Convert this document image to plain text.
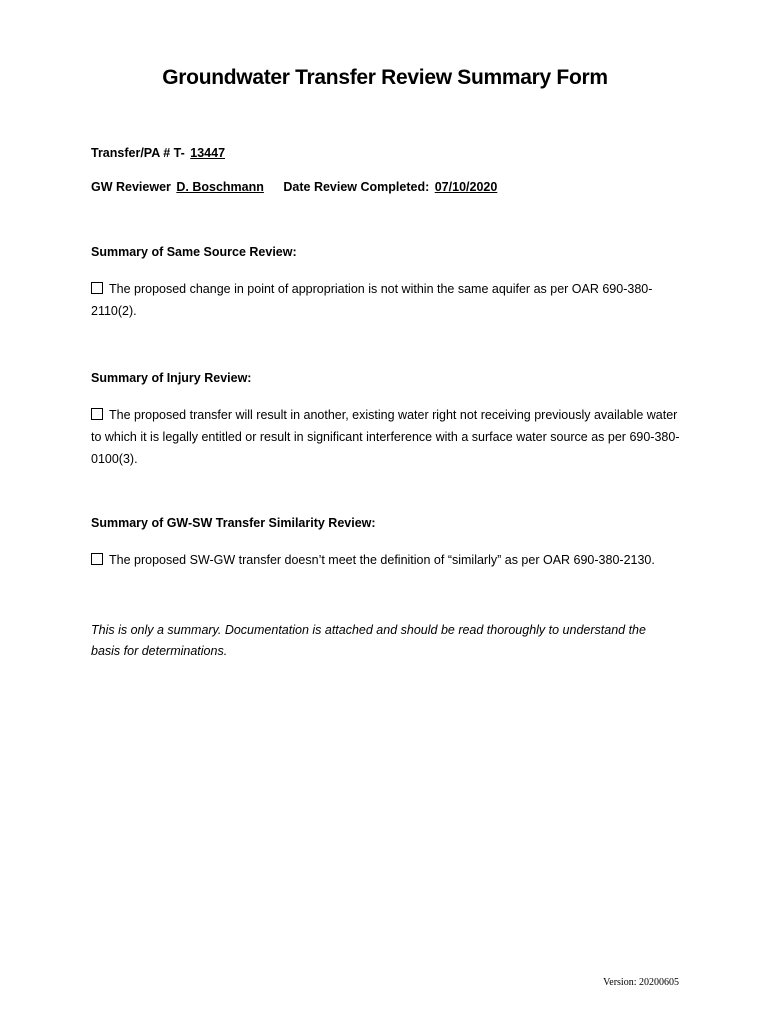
Groundwater Transfer Review Summary Form
Transfer/PA # T- 13447
GW Reviewer D. Boschmann Date Review Completed: 07/10/2020
Summary of Same Source Review:
The proposed change in point of appropriation is not within the same aquifer as per OAR 690-380-2110(2).
Summary of Injury Review:
The proposed transfer will result in another, existing water right not receiving previously available water to which it is legally entitled or result in significant interference with a surface water source as per 690-380-0100(3).
Summary of GW-SW Transfer Similarity Review:
The proposed SW-GW transfer doesn’t meet the definition of “similarly” as per OAR 690-380-2130.
This is only a summary. Documentation is attached and should be read thoroughly to understand the basis for determinations.
Version: 20200605
